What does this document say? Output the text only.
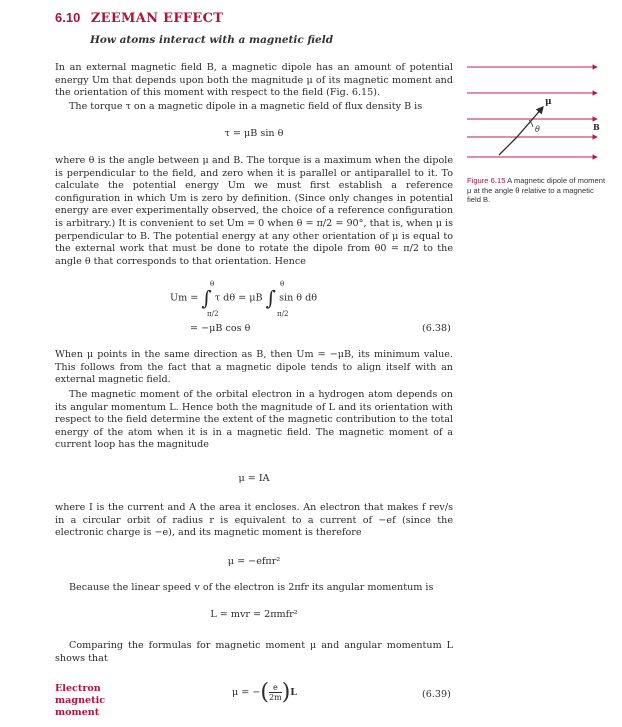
6.10 ZEEMAN EFFECT
How atoms interact with a magnetic field

In an external magnetic field B, a magnetic dipole has an amount of potential energy Um that depends upon both the magnitude μ of its magnetic moment and the orientation of this moment with respect to the field (Fig. 6.15).

The torque τ on a magnetic dipole in a magnetic field of flux density B is

τ = μB sin θ

where θ is the angle between μ and B. The torque is a maximum when the dipole is perpendicular to the field, and zero when it is parallel or antiparallel to it. To calculate the potential energy Um we must first establish a reference configuration in which Um is zero by definition. (Since only changes in potential energy are ever experimentally observed, the choice of a reference configuration is arbitrary.) It is convenient to set Um = 0 when θ = π/2 = 90°, that is, when μ is perpendicular to B. The potential energy at any other orientation of μ is equal to the external work that must be done to rotate the dipole from θ0 = π/2 to the angle θ that corresponds to that orientation. Hence

Um = ∫ τ dθ = μB ∫ sin θ dθ
θ
π/2
θ
π/2
= −μB cos θ	(6.38)

When μ points in the same direction as B, then Um = −μB, its minimum value. This follows from the fact that a magnetic dipole tends to align itself with an external magnetic field.

The magnetic moment of the orbital electron in a hydrogen atom depends on its angular momentum L. Hence both the magnitude of L and its orientation with respect to the field determine the extent of the magnetic contribution to the total energy of the atom when it is in a magnetic field. The magnetic moment of a current loop has the magnitude

μ = IA

where I is the current and A the area it encloses. An electron that makes f rev/s in a circular orbit of radius r is equivalent to a current of −ef (since the electronic charge is −e), and its magnetic moment is therefore

μ = −efπr²

Because the linear speed v of the electron is 2πfr its angular momentum is

L = mvr = 2πmfr²

Comparing the formulas for magnetic moment μ and angular momentum L shows that

Electron magnetic moment
μ = −( $\frac{e}{2m} )L$	(6.39)
μ
θ	B
Figure 6.15 A magnetic dipole of moment μ at the angle θ relative to a magnetic field B.
